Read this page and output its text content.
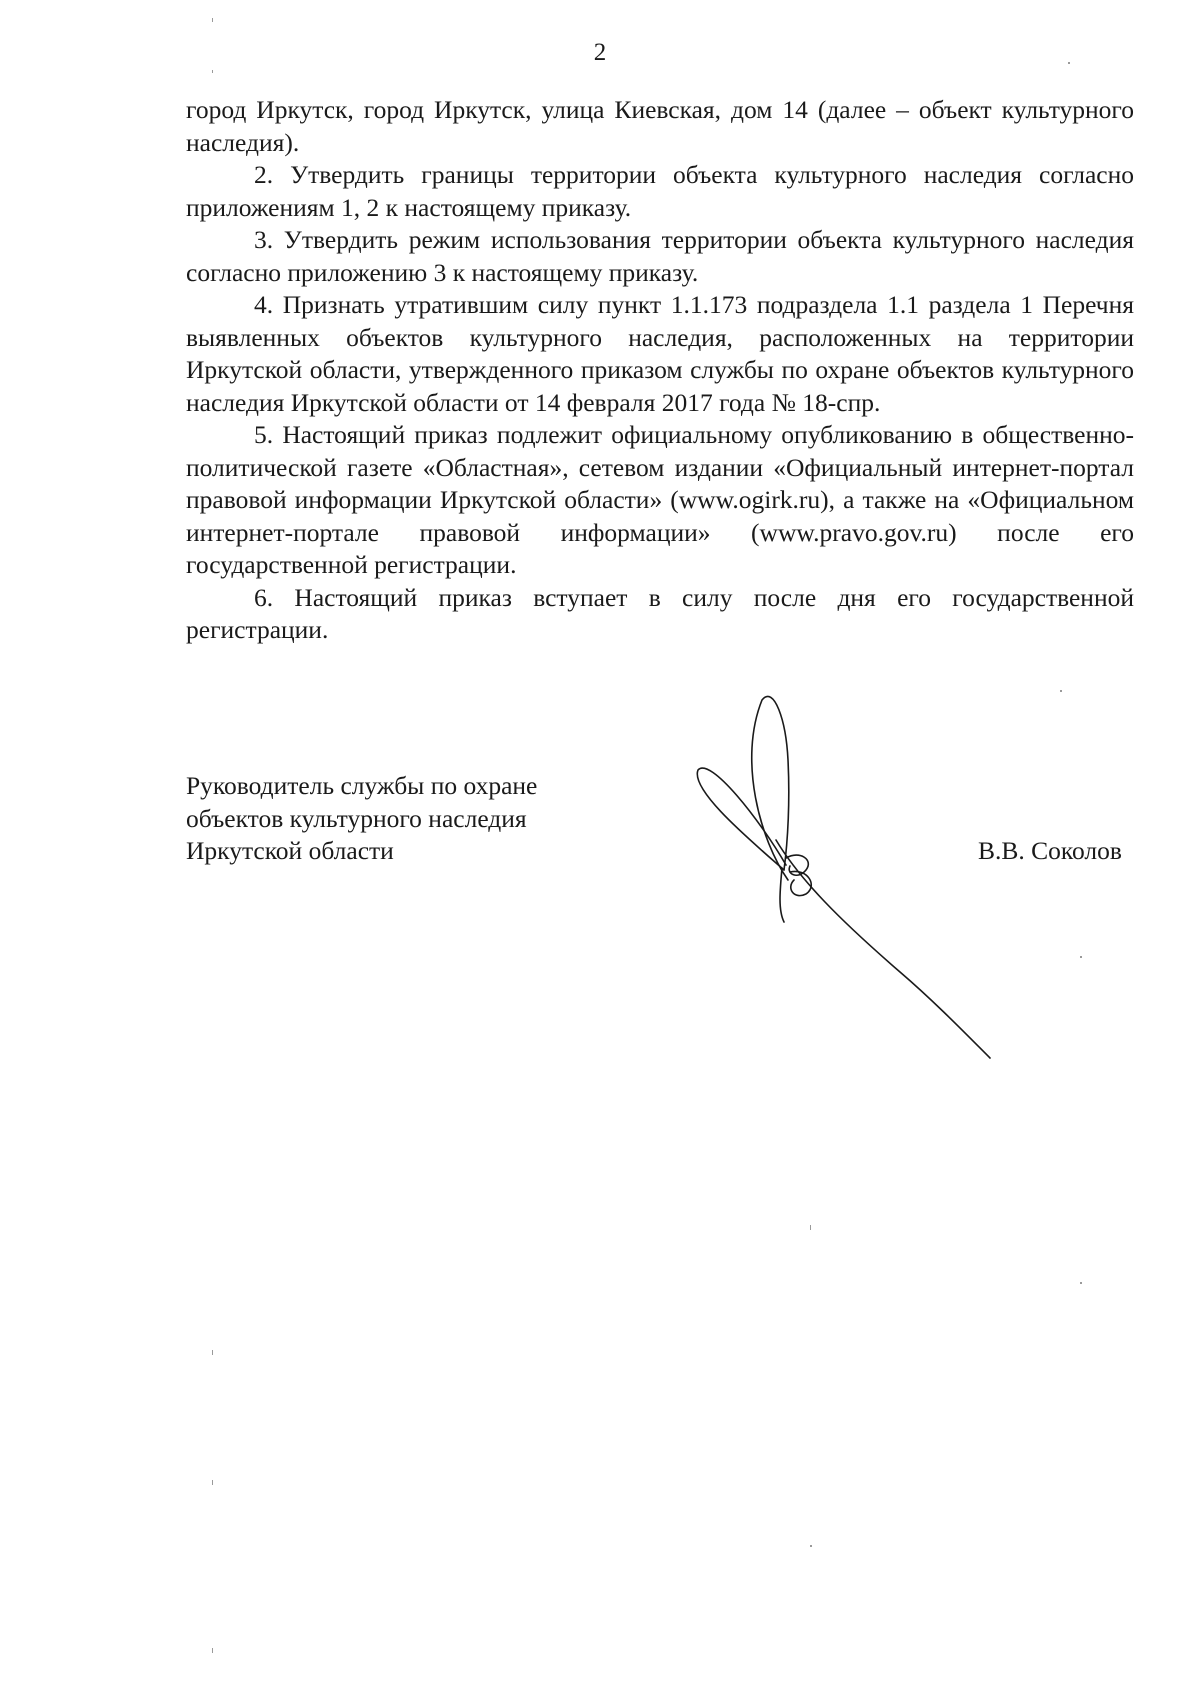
2

город Иркутск, город Иркутск, улица Киевская, дом 14 (далее – объект культурного наследия).

2. Утвердить границы территории объекта культурного наследия согласно приложениям 1, 2 к настоящему приказу.

3. Утвердить режим использования территории объекта культурного наследия согласно приложению 3 к настоящему приказу.

4. Признать утратившим силу пункт 1.1.173 подраздела 1.1 раздела 1 Перечня выявленных объектов культурного наследия, расположенных на территории Иркутской области, утвержденного приказом службы по охране объектов культурного наследия Иркутской области от 14 февраля 2017 года № 18-спр.

5. Настоящий приказ подлежит официальному опубликованию в общественно-политической газете «Областная», сетевом издании «Официальный интернет-портал правовой информации Иркутской области» (www.ogirk.ru), а также на «Официальном интернет-портале правовой информации» (www.pravo.gov.ru) после его государственной регистрации.

6. Настоящий приказ вступает в силу после дня его государственной регистрации.

Руководитель службы по охране
объектов культурного наследия
Иркутской области	В.В. Соколов
